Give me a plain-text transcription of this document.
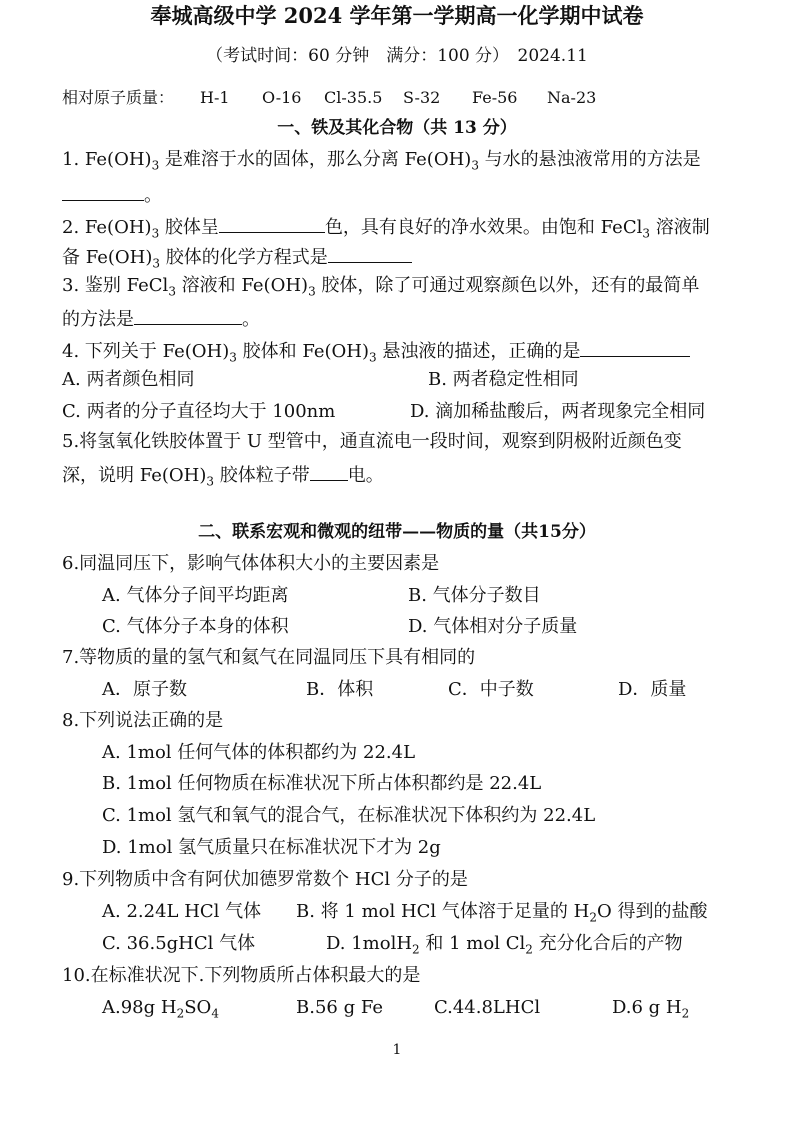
奉城高级中学 2024 学年第一学期高一化学期中试卷
（考试时间：60 分钟　满分：100 分）　2024.11
相对原子质量： H-1 O-16 Cl-35.5 S-32 Fe-56 Na-23
一、铁及其化合物（共 13 分）
1. $Fe(OH)_3$ 是难溶于水的固体，那么分离 $Fe(OH)_3$ 与水的悬浊液常用的方法是
。
2. $Fe(OH)_3$ 胶体呈	色，具有良好的净水效果。由饱和 FeCl$_3$ 溶液制
备 $Fe(OH)_3$ 胶体的化学方程式是
3. 鉴别 FeCl$_3$ 溶液和 $Fe(OH)_3$ 胶体，除了可通过观察颜色以外，还有的最简单
的方法是	。
4. 下列关于 $Fe(OH)_3$ 胶体和 $Fe(OH)_3$ 悬浊液的描述，正确的是
A. 两者颜色相同	B. 两者稳定性相同
C. 两者的分子直径均大于 100nm	D. 滴加稀盐酸后，两者现象完全相同
5.将氢氧化铁胶体置于 U 型管中，通直流电一段时间，观察到阴极附近颜色变
深，说明 $Fe(OH)_3$ 胶体粒子带 电。
二、联系宏观和微观的纽带——物质的量（共15分）
6.同温同压下，影响气体体积大小的主要因素是
A. 气体分子间平均距离	B. 气体分子数目
C. 气体分子本身的体积	D. 气体相对分子质量
7.等物质的量的氢气和氦气在同温同压下具有相同的
A．原子数	B．体积	C．中子数	D．质量
8.下列说法正确的是
A. 1mol 任何气体的体积都约为 22.4L
B. 1mol 任何物质在标准状况下所占体积都约是 22.4L
C. 1mol 氢气和氧气的混合气，在标准状况下体积约为 22.4L
D. 1mol 氢气质量只在标准状况下才为 2g
9.下列物质中含有阿伏加德罗常数个 HCl 分子的是
A. 2.24L HCl 气体 B. 将 1 mol HCl 气体溶于足量的 $H_2O$ 得到的盐酸
C. 36.5gHCl 气体	D. 1molH$_2$ 和 1 mol $Cl_2$ 充分化合后的产物
10.在标准状况下.下列物质所占体积最大的是
A.98g $H_2SO_4$	B.56 g Fe	C.44.8LHCl	D.6 g $H_2$
1
